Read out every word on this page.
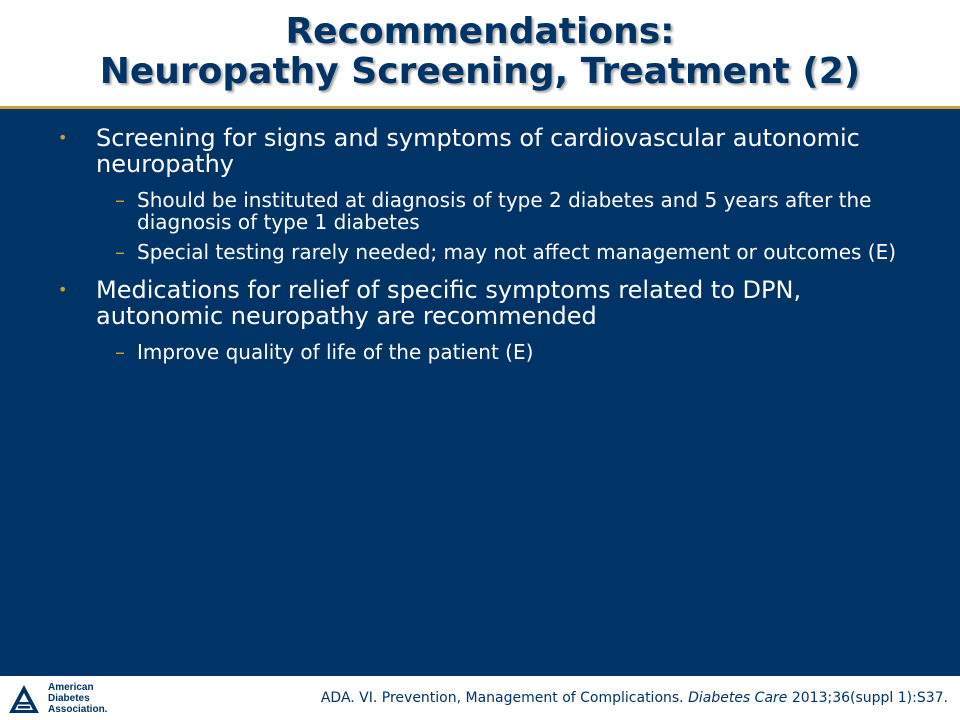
Recommendations:
Neuropathy Screening, Treatment (2)
• Screening for signs and symptoms of cardiovascular autonomic neuropathy
– Should be instituted at diagnosis of type 2 diabetes and 5 years after the diagnosis of type 1 diabetes
– Special testing rarely needed; may not affect management or outcomes (E)
• Medications for relief of specific symptoms related to DPN, autonomic neuropathy are recommended
– Improve quality of life of the patient (E)
American
Diabetes
Association.
ADA. VI. Prevention, Management of Complications. Diabetes Care 2013;36(suppl 1):S37.
